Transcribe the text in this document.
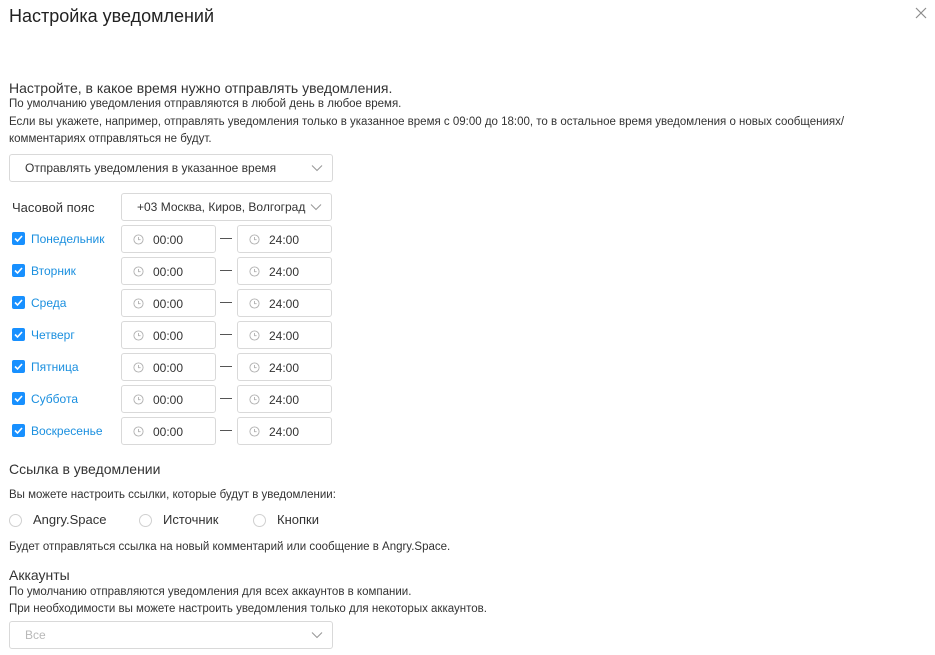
Настройка уведомлений
Настройте, в какое время нужно отправлять уведомления.
По умолчанию уведомления отправляются в любой день в любое время.
Если вы укажете, например, отправлять уведомления только в указанное время с 09:00 до 18:00, то в остальное время уведомления о новых сообщениях/
комментариях отправляться не будут.
Отправлять уведомления в указанное время
Часовой пояс	+03 Москва, Киров, Волгоград
Понедельник	00:00	24:00
Вторник	00:00	24:00
Среда	00:00	24:00
Четверг	00:00	24:00
Пятница	00:00	24:00
Суббота	00:00	24:00
Воскресенье	00:00	24:00
Ссылка в уведомлении
Вы можете настроить ссылки, которые будут в уведомлении:
Angry.Space	Источник	Кнопки
Будет отправляться ссылка на новый комментарий или сообщение в Angry.Space.
Аккаунты
По умолчанию отправляются уведомления для всех аккаунтов в компании.
При необходимости вы можете настроить уведомления только для некоторых аккаунтов.
Все
